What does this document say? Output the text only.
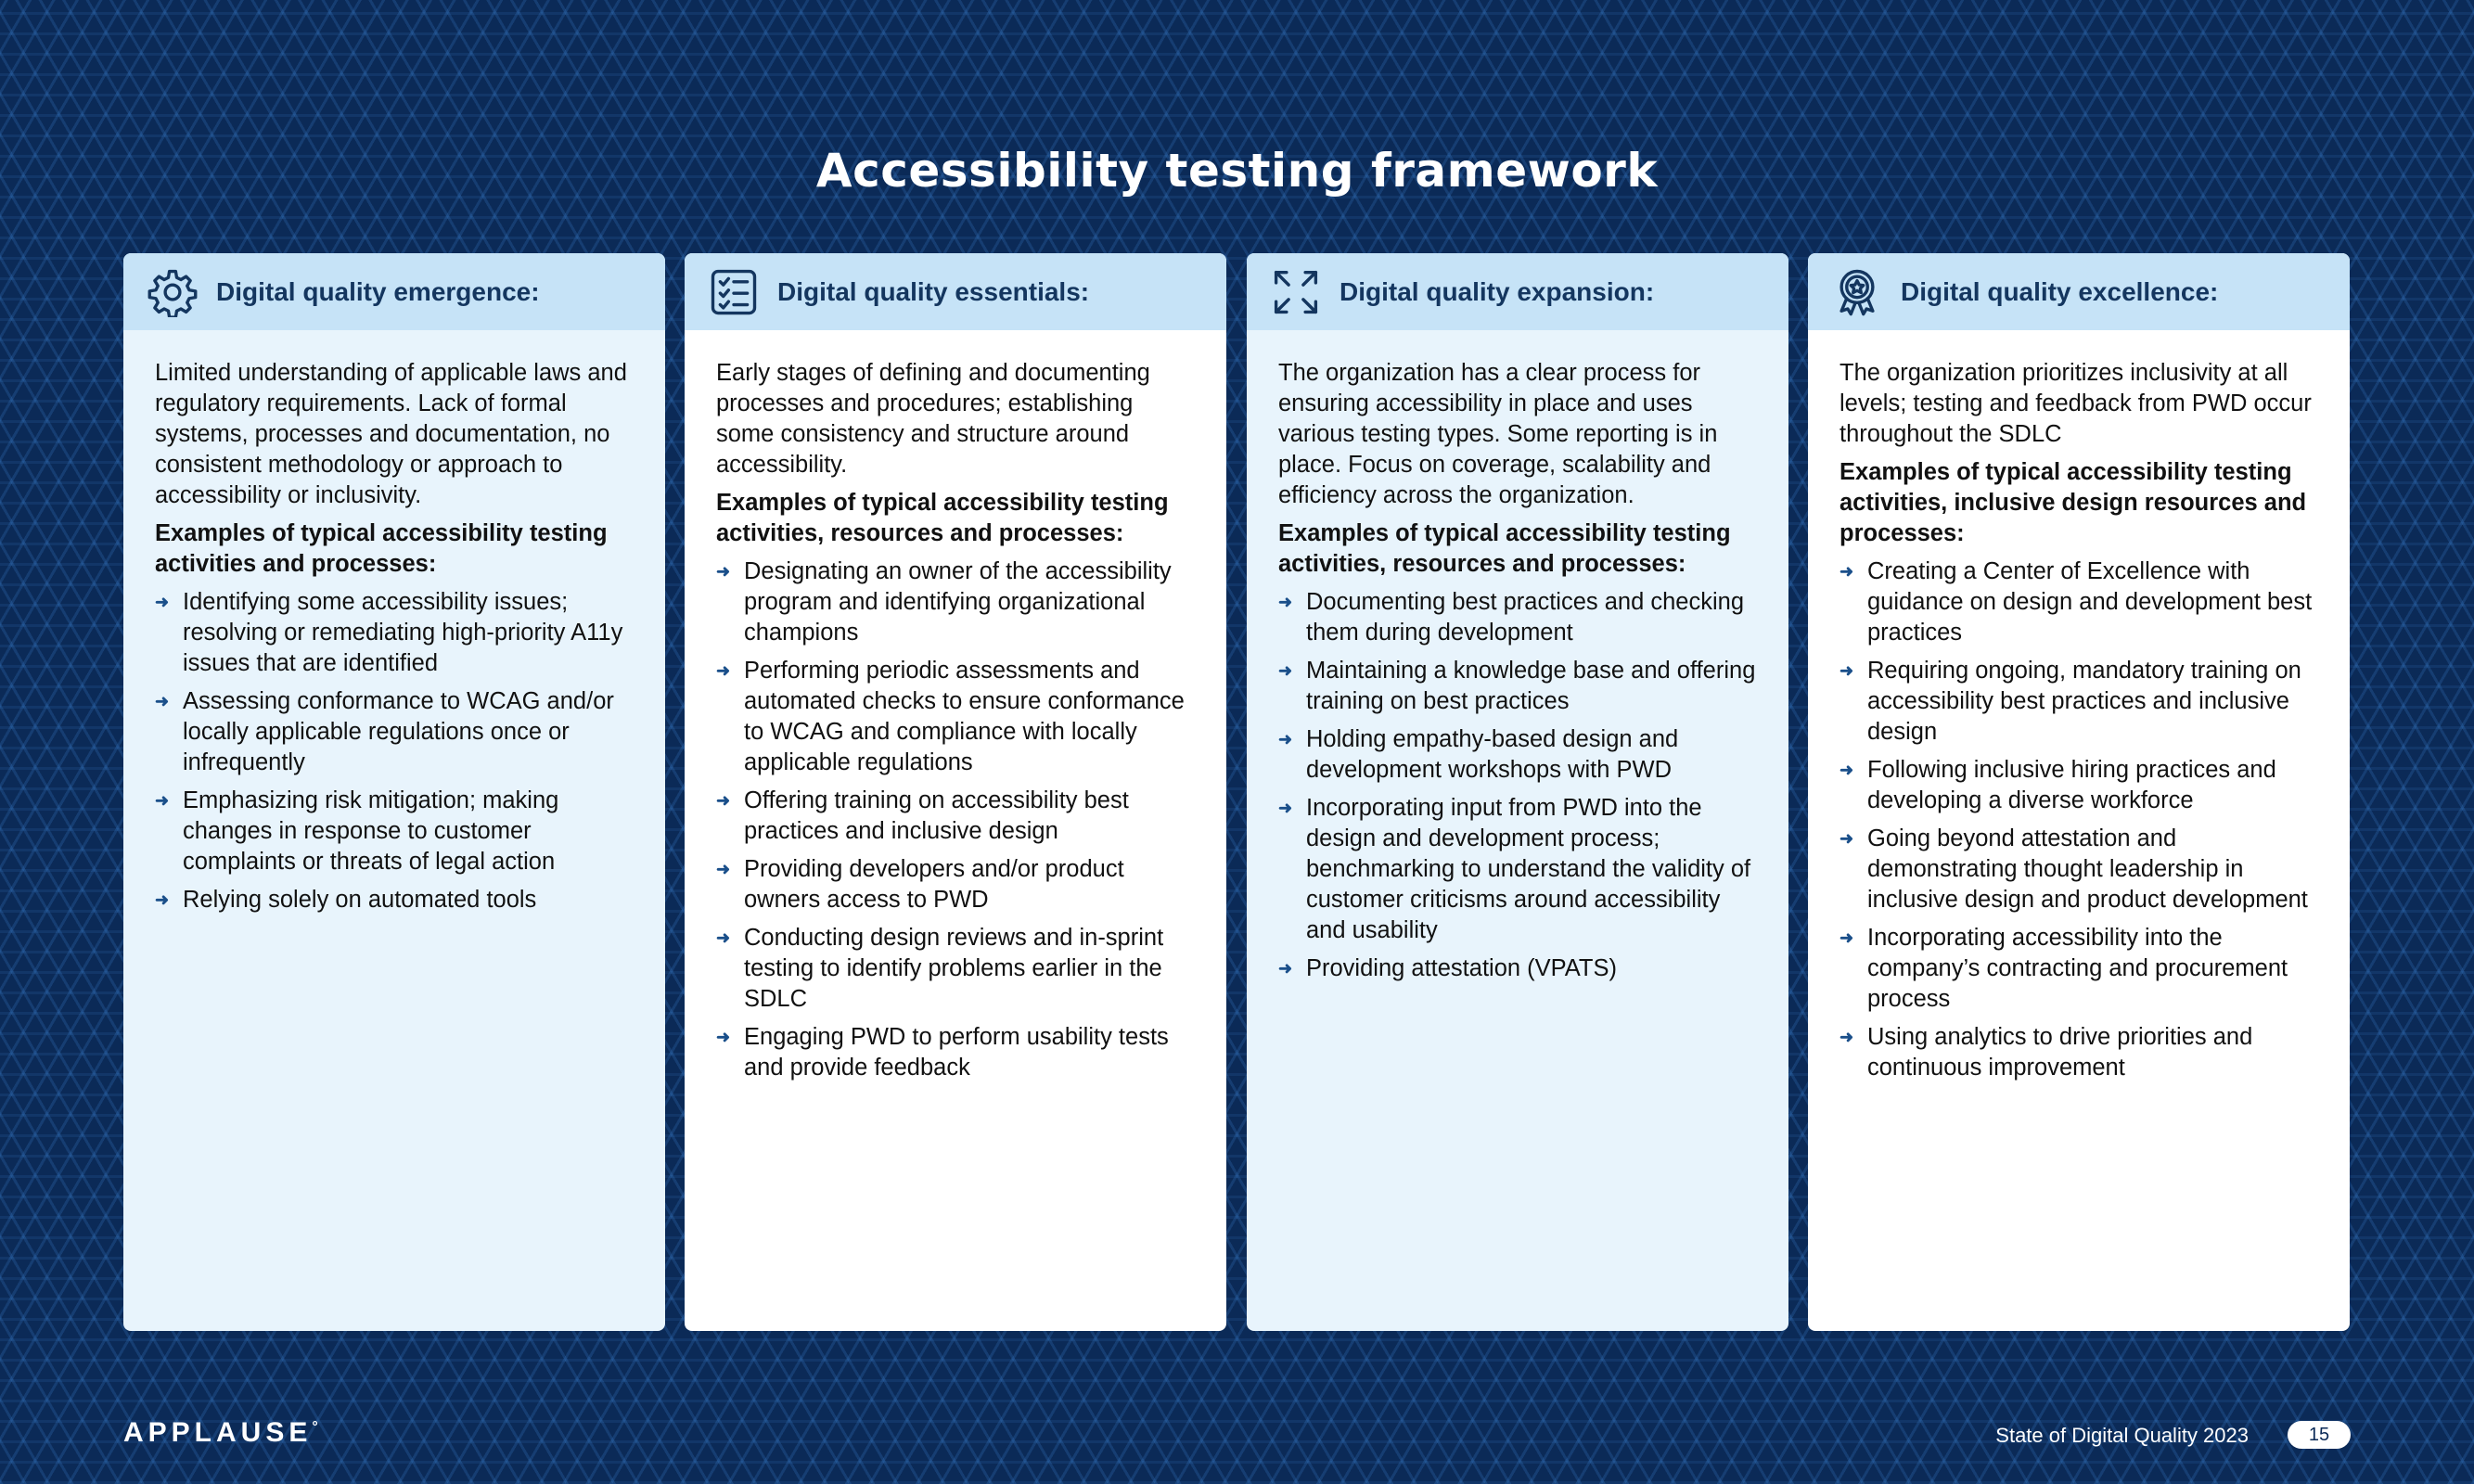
Accessibility testing framework
Digital quality emergence:

Limited understanding of applicable laws and regulatory requirements. Lack of formal systems, processes and documentation, no consistent methodology or approach to accessibility or inclusivity.

Examples of typical accessibility testing activities and processes:

➜ Identifying some accessibility issues; resolving or remediating high-priority A11y issues that are identified
➜ Assessing conformance to WCAG and/or locally applicable regulations once or infrequently
➜ Emphasizing risk mitigation; making changes in response to customer complaints or threats of legal action
➜ Relying solely on automated tools
Digital quality essentials:

Early stages of defining and documenting processes and procedures; establishing some consistency and structure around accessibility.

Examples of typical accessibility testing activities, resources and processes:

➜ Designating an owner of the accessibility program and identifying organizational champions
➜ Performing periodic assessments and automated checks to ensure conformance to WCAG and compliance with locally applicable regulations
➜ Offering training on accessibility best practices and inclusive design
➜ Providing developers and/or product owners access to PWD
➜ Conducting design reviews and in-sprint testing to identify problems earlier in the SDLC
➜ Engaging PWD to perform usability tests and provide feedback
Digital quality expansion:

The organization has a clear process for ensuring accessibility in place and uses various testing types. Some reporting is in place. Focus on coverage, scalability and efficiency across the organization.

Examples of typical accessibility testing activities, resources and processes:

➜ Documenting best practices and checking them during development
➜ Maintaining a knowledge base and offering training on best practices
➜ Holding empathy-based design and development workshops with PWD
➜ Incorporating input from PWD into the design and development process; benchmarking to understand the validity of customer criticisms around accessibility and usability
➜ Providing attestation (VPATS)
Digital quality excellence:

The organization prioritizes inclusivity at all levels; testing and feedback from PWD occur throughout the SDLC

Examples of typical accessibility testing activities, inclusive design resources and processes:

➜ Creating a Center of Excellence with guidance on design and development best practices
➜ Requiring ongoing, mandatory training on accessibility best practices and inclusive design
➜ Following inclusive hiring practices and developing a diverse workforce
➜ Going beyond attestation and demonstrating thought leadership in inclusive design and product development
➜ Incorporating accessibility into the company’s contracting and procurement process
➜ Using analytics to drive priorities and continuous improvement
APPLAUSE°	State of Digital Quality 2023	15
